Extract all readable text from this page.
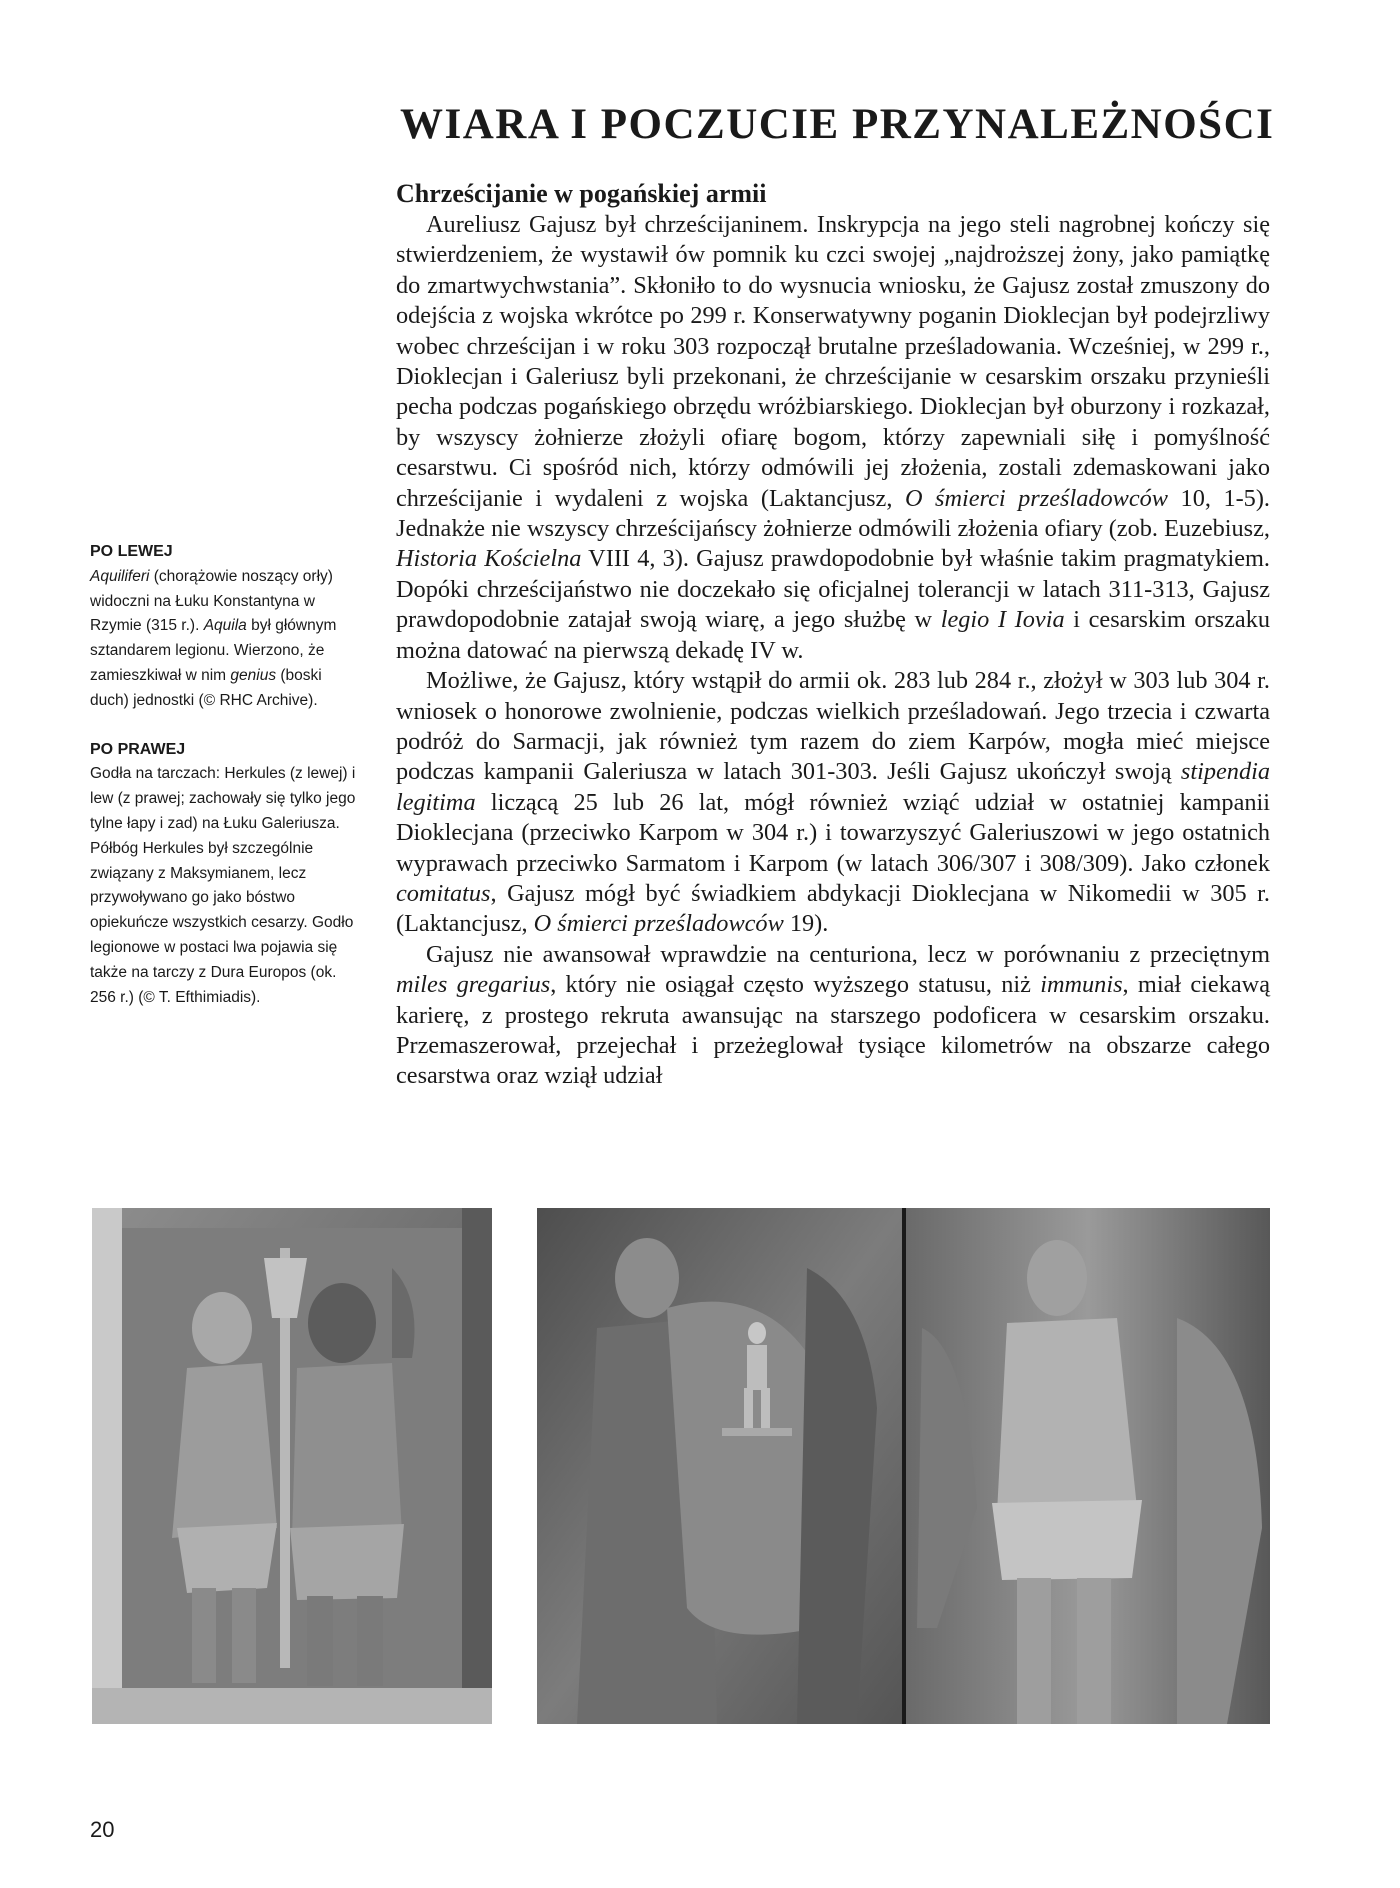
WIARA I POCZUCIE PRZYNALEŻNOŚCI
Chrześcijanie w pogańskiej armii

Aureliusz Gajusz był chrześcijaninem. Inskrypcja na jego steli nagrobnej kończy się stwierdzeniem, że wystawił ów pomnik ku czci swojej „najdroższej żony, jako pamiątkę do zmartwychwstania”. Skłoniło to do wysnucia wniosku, że Gajusz został zmuszony do odejścia z wojska wkrótce po 299 r. Konserwatywny poganin Dioklecjan był podejrzliwy wobec chrześcijan i w roku 303 rozpoczął brutalne prześladowania. Wcześniej, w 299 r., Dioklecjan i Galeriusz byli przekonani, że chrześcijanie w cesarskim orszaku przynieśli pecha podczas pogańskiego obrzędu wróżbiarskiego. Dioklecjan był oburzony i rozkazał, by wszyscy żołnierze złożyli ofiarę bogom, którzy zapewniali siłę i pomyślność cesarstwu. Ci spośród nich, którzy odmówili jej złożenia, zostali zdemaskowani jako chrześcijanie i wydaleni z wojska (Laktancjusz, O śmierci prześladowców 10, 1-5). Jednakże nie wszyscy chrześcijańscy żołnierze odmówili złożenia ofiary (zob. Euzebiusz, Historia Kościelna VIII 4, 3). Gajusz prawdopodobnie był właśnie takim pragmatykiem. Dopóki chrześcijaństwo nie doczekało się oficjalnej tolerancji w latach 311-313, Gajusz prawdopodobnie zatajał swoją wiarę, a jego służbę w legio I Iovia i cesarskim orszaku można datować na pierwszą dekadę IV w.

Możliwe, że Gajusz, który wstąpił do armii ok. 283 lub 284 r., złożył w 303 lub 304 r. wniosek o honorowe zwolnienie, podczas wielkich prześladowań. Jego trzecia i czwarta podróż do Sarmacji, jak również tym razem do ziem Karpów, mogła mieć miejsce podczas kampanii Galeriusza w latach 301-303. Jeśli Gajusz ukończył swoją stipendia legitima liczącą 25 lub 26 lat, mógł również wziąć udział w ostatniej kampanii Dioklecjana (przeciwko Karpom w 304 r.) i towarzyszyć Galeriuszowi w jego ostatnich wyprawach przeciwko Sarmatom i Karpom (w latach 306/307 i 308/309). Jako członek comitatus, Gajusz mógł być świadkiem abdykacji Dioklecjana w Nikomedii w 305 r. (Laktancjusz, O śmierci prześladowców 19).

Gajusz nie awansował wprawdzie na centuriona, lecz w porównaniu z przeciętnym miles gregarius, który nie osiągał często wyższego statusu, niż immunis, miał ciekawą karierę, z prostego rekruta awansując na starszego podoficera w cesarskim orszaku. Przemaszerował, przejechał i przeżeglował tysiące kilometrów na obszarze całego cesarstwa oraz wziął udział

PO LEWEJ
Aquiliferi (chorążowie noszący orły) widoczni na Łuku Konstantyna w Rzymie (315 r.). Aquila był głównym sztandarem legionu. Wierzono, że zamieszkiwał w nim genius (boski duch) jednostki (© RHC Archive).
PO PRAWEJ
Godła na tarczach: Herkules (z lewej) i lew (z prawej; zachowały się tylko jego tylne łapy i zad) na Łuku Galeriusza. Półbóg Herkules był szczególnie związany z Maksymianem, lecz przywoływano go jako bóstwo opiekuńcze wszystkich cesarzy. Godło legionowe w postaci lwa pojawia się także na tarczy z Dura Europos (ok. 256 r.) (© T. Efthimiadis).
20
